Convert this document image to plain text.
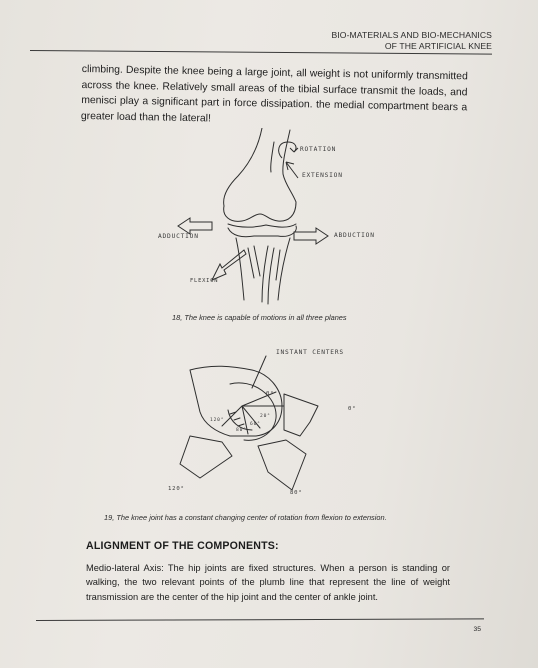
BIO-MATERIALS AND BIO-MECHANICS
OF THE ARTIFICIAL KNEE

climbing. Despite the knee being a large joint, all weight is not uniformly transmitted across the knee. Relatively small areas of the tibial surface transmit the loads, and menisci play a significant part in force dissipation. the medial compartment bears a greater load than the lateral!

ROTATION
EXTENSION
ADDUCTION	ABDUCTION
FLEXION
18, The knee is capable of motions in all three planes
INSTANT CENTERS
0°
0°
120°
20°
60°
80°
120°
80°
19, The knee joint has a constant changing center of rotation from flexion to extension.
ALIGNMENT OF THE COMPONENTS:

Medio-lateral Axis: The hip joints are fixed structures. When a person is standing or walking, the two relevant points of the plumb line that represent the line of weight transmission are the center of the hip joint and the center of ankle joint.

35
